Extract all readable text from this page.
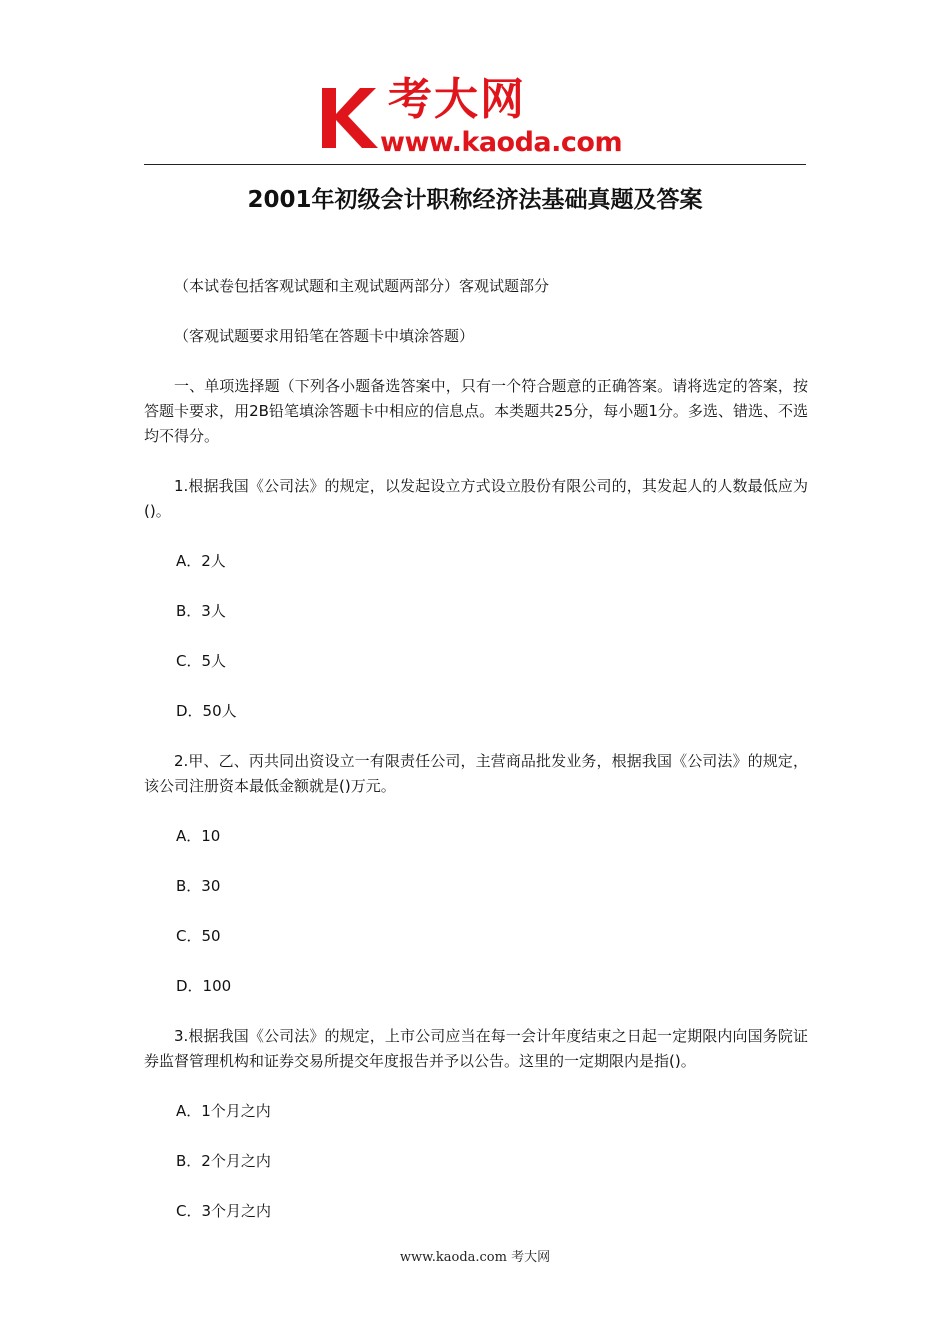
考大网
www.kaoda.com
2001年初级会计职称经济法基础真题及答案

（本试卷包括客观试题和主观试题两部分）客观试题部分

（客观试题要求用铅笔在答题卡中填涂答题）

一、单项选择题（下列各小题备选答案中，只有一个符合题意的正确答案。请将选定的答案，按答题卡要求，用2B铅笔填涂答题卡中相应的信息点。本类题共25分，每小题1分。多选、错选、不选均不得分。

1.根据我国《公司法》的规定，以发起设立方式设立股份有限公司的，其发起人的人数最低应为()。

A．2人

B．3人

C．5人

D．50人

2.甲、乙、丙共同出资设立一有限责任公司，主营商品批发业务，根据我国《公司法》的规定，该公司注册资本最低金额就是()万元。

A．10

B．30

C．50

D．100

3.根据我国《公司法》的规定，上市公司应当在每一会计年度结束之日起一定期限内向国务院证券监督管理机构和证券交易所提交年度报告并予以公告。这里的一定期限内是指()。

A．1个月之内

B．2个月之内

C．3个月之内

www.kaoda.com 考大网
